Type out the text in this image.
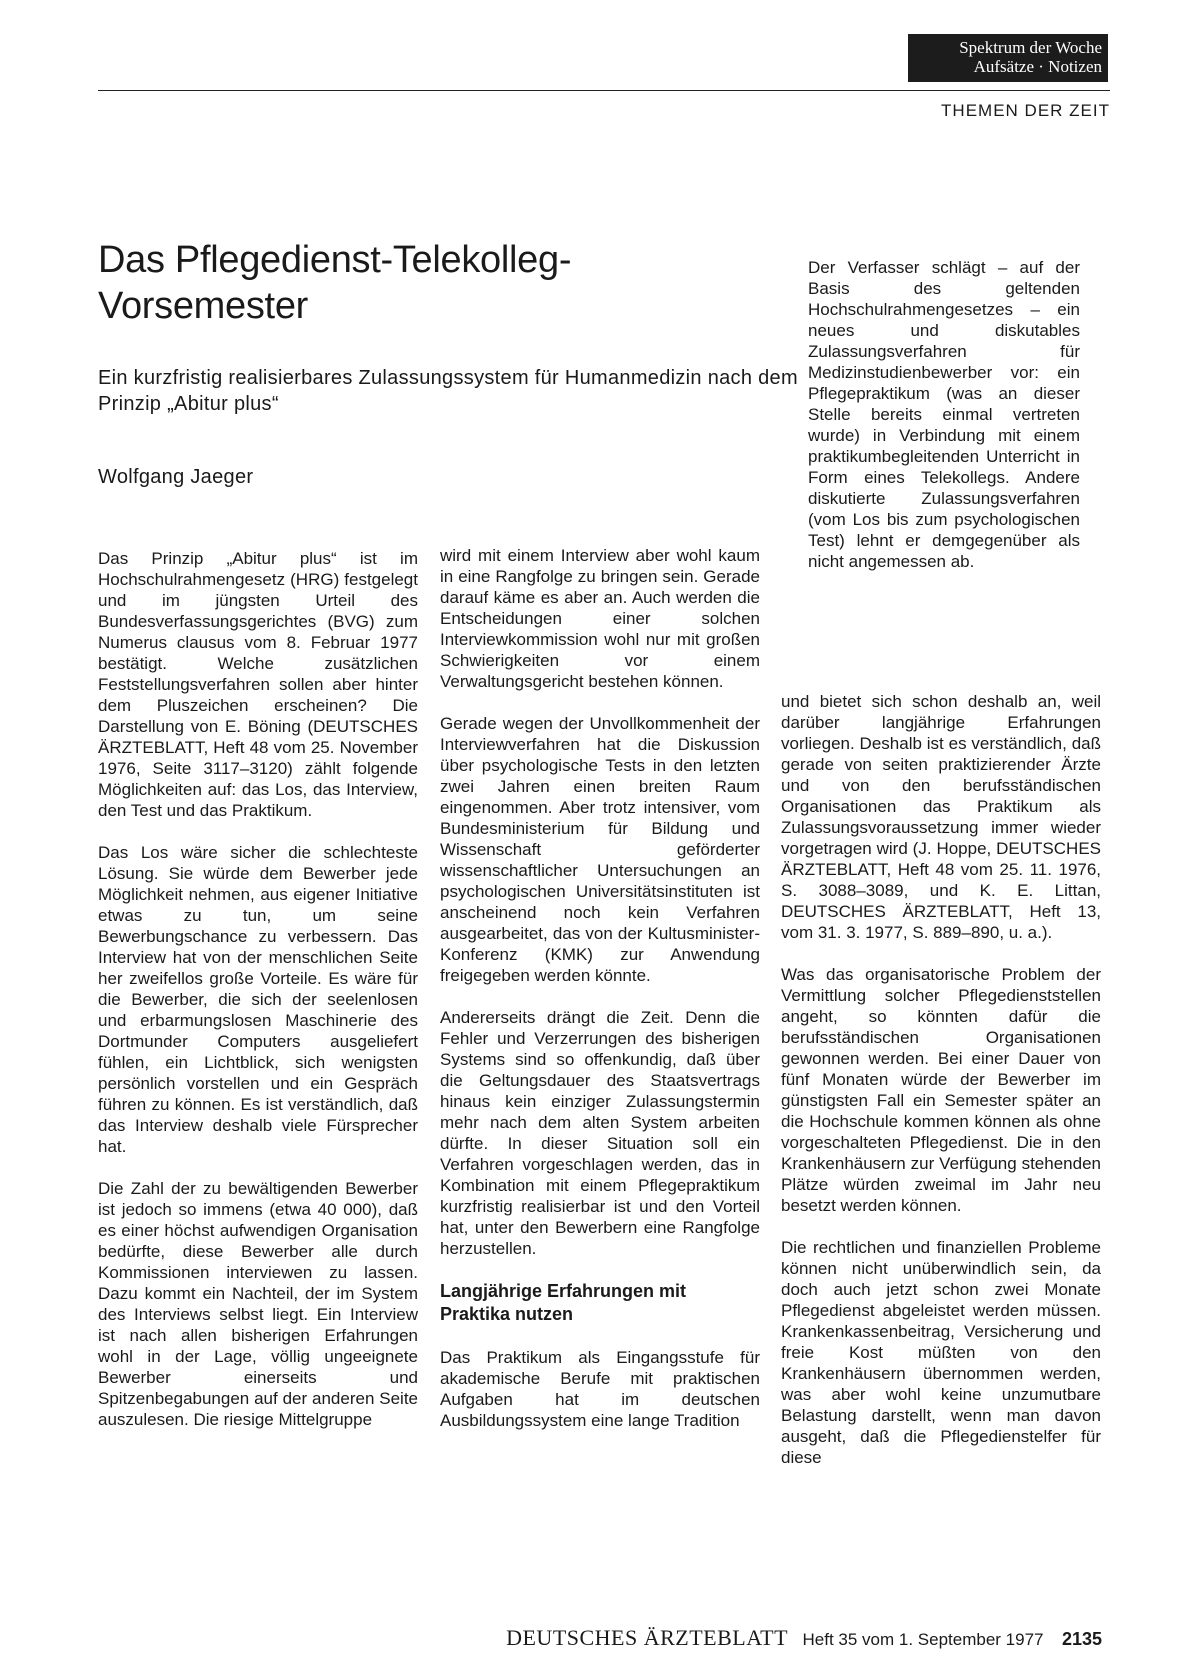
Spektrum der Woche
Aufsätze · Notizen
THEMEN DER ZEIT
Das Pflegedienst-Telekolleg-Vorsemester

Ein kurzfristig realisierbares Zulassungssystem für Humanmedizin nach dem Prinzip „Abitur plus“

Wolfgang Jaeger

Der Verfasser schlägt – auf der Basis des geltenden Hochschulrahmengesetzes – ein neues und diskutables Zulassungsverfahren für Medizinstudienbewerber vor: ein Pflegepraktikum (was an dieser Stelle bereits einmal vertreten wurde) in Verbindung mit einem praktikumbegleitenden Unterricht in Form eines Telekollegs. Andere diskutierte Zulassungsverfahren (vom Los bis zum psychologischen Test) lehnt er demgegenüber als nicht angemessen ab.

Das Prinzip „Abitur plus“ ist im Hochschulrahmengesetz (HRG) festgelegt und im jüngsten Urteil des Bundesverfassungsgerichtes (BVG) zum Numerus clausus vom 8. Februar 1977 bestätigt. Welche zusätzlichen Feststellungsverfahren sollen aber hinter dem Pluszeichen erscheinen? Die Darstellung von E. Böning (DEUTSCHES ÄRZTEBLATT, Heft 48 vom 25. November 1976, Seite 3117–3120) zählt folgende Möglichkeiten auf: das Los, das Interview, den Test und das Praktikum.

Das Los wäre sicher die schlechteste Lösung. Sie würde dem Bewerber jede Möglichkeit nehmen, aus eigener Initiative etwas zu tun, um seine Bewerbungschance zu verbessern. Das Interview hat von der menschlichen Seite her zweifellos große Vorteile. Es wäre für die Bewerber, die sich der seelenlosen und erbarmungslosen Maschinerie des Dortmunder Computers ausgeliefert fühlen, ein Lichtblick, sich wenigsten persönlich vorstellen und ein Gespräch führen zu können. Es ist verständlich, daß das Interview deshalb viele Fürsprecher hat.

Die Zahl der zu bewältigenden Bewerber ist jedoch so immens (etwa 40 000), daß es einer höchst aufwendigen Organisation bedürfte, diese Bewerber alle durch Kommissionen interviewen zu lassen. Dazu kommt ein Nachteil, der im System des Interviews selbst liegt. Ein Interview ist nach allen bisherigen Erfahrungen wohl in der Lage, völlig ungeeignete Bewerber einerseits und Spitzenbegabungen auf der anderen Seite auszulesen. Die riesige Mittelgruppe

wird mit einem Interview aber wohl kaum in eine Rangfolge zu bringen sein. Gerade darauf käme es aber an. Auch werden die Entscheidungen einer solchen Interviewkommission wohl nur mit großen Schwierigkeiten vor einem Verwaltungsgericht bestehen können.

Gerade wegen der Unvollkommenheit der Interviewverfahren hat die Diskussion über psychologische Tests in den letzten zwei Jahren einen breiten Raum eingenommen. Aber trotz intensiver, vom Bundesministerium für Bildung und Wissenschaft geförderter wissenschaftlicher Untersuchungen an psychologischen Universitätsinstituten ist anscheinend noch kein Verfahren ausgearbeitet, das von der Kultusminister-Konferenz (KMK) zur Anwendung freigegeben werden könnte.

Andererseits drängt die Zeit. Denn die Fehler und Verzerrungen des bisherigen Systems sind so offenkundig, daß über die Geltungsdauer des Staatsvertrags hinaus kein einziger Zulassungstermin mehr nach dem alten System arbeiten dürfte. In dieser Situation soll ein Verfahren vorgeschlagen werden, das in Kombination mit einem Pflegepraktikum kurzfristig realisierbar ist und den Vorteil hat, unter den Bewerbern eine Rangfolge herzustellen.

Langjährige Erfahrungen mit Praktika nutzen

Das Praktikum als Eingangsstufe für akademische Berufe mit praktischen Aufgaben hat im deutschen Ausbildungssystem eine lange Tradition

und bietet sich schon deshalb an, weil darüber langjährige Erfahrungen vorliegen. Deshalb ist es verständlich, daß gerade von seiten praktizierender Ärzte und von den berufsständischen Organisationen das Praktikum als Zulassungsvoraussetzung immer wieder vorgetragen wird (J. Hoppe, DEUTSCHES ÄRZTEBLATT, Heft 48 vom 25. 11. 1976, S. 3088–3089, und K. E. Littan, DEUTSCHES ÄRZTEBLATT, Heft 13, vom 31. 3. 1977, S. 889–890, u. a.).

Was das organisatorische Problem der Vermittlung solcher Pflegedienststellen angeht, so könnten dafür die berufsständischen Organisationen gewonnen werden. Bei einer Dauer von fünf Monaten würde der Bewerber im günstigsten Fall ein Semester später an die Hochschule kommen können als ohne vorgeschalteten Pflegedienst. Die in den Krankenhäusern zur Verfügung stehenden Plätze würden zweimal im Jahr neu besetzt werden können.

Die rechtlichen und finanziellen Probleme können nicht unüberwindlich sein, da doch auch jetzt schon zwei Monate Pflegedienst abgeleistet werden müssen. Krankenkassenbeitrag, Versicherung und freie Kost müßten von den Krankenhäusern übernommen werden, was aber wohl keine unzumutbare Belastung darstellt, wenn man davon ausgeht, daß die Pflegedienstelfer für diese

DEUTSCHES ÄRZTEBLATT Heft 35 vom 1. September 1977 2135
